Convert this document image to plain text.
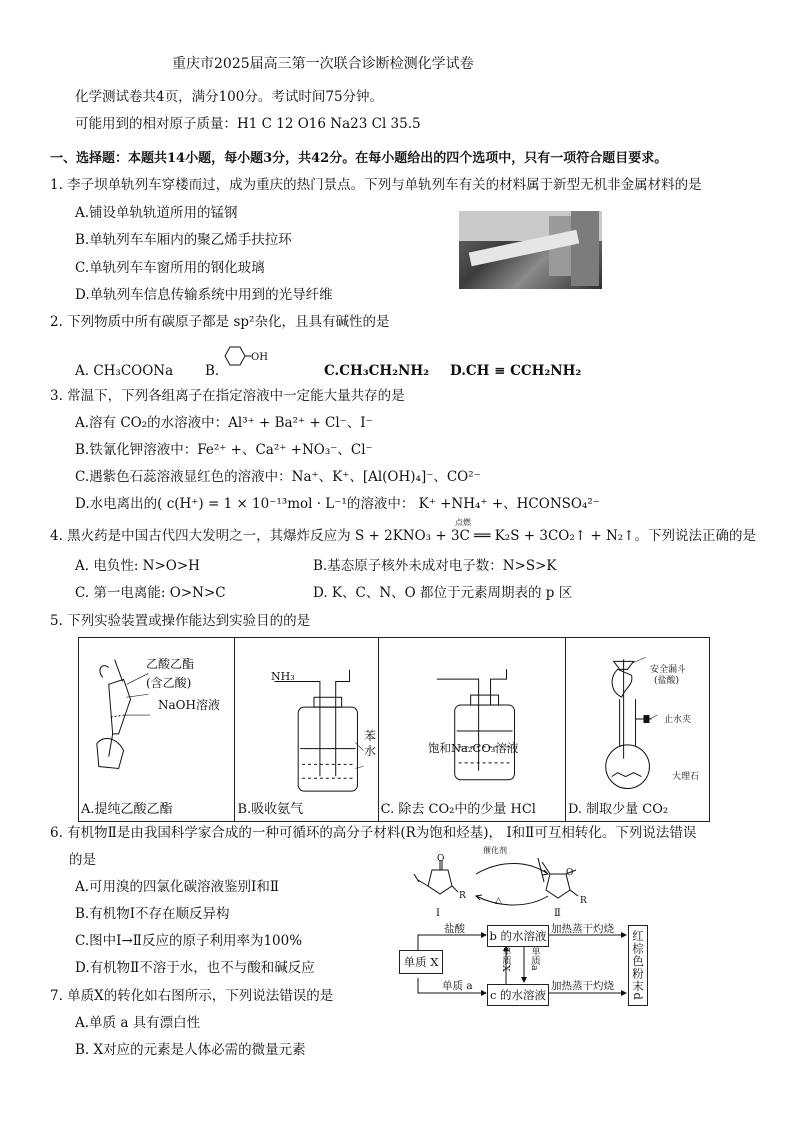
重庆市2025届高三第一次联合诊断检测化学试卷
化学测试卷共4页，满分100分。考试时间75分钟。
可能用到的相对原子质量：H1 C 12 O16 Na23 Cl 35.5
一、选择题：本题共14小题，每小题3分，共42分。在每小题给出的四个选项中，只有一项符合题目要求。
1. 李子坝单轨列车穿楼而过，成为重庆的热门景点。下列与单轨列车有关的材料属于新型无机非金属材料的是
A.铺设单轨轨道所用的锰钢
B.单轨列车车厢内的聚乙烯手扶拉环
C.单轨列车车窗所用的钢化玻璃
D.单轨列车信息传输系统中用到的光导纤维
2. 下列物质中所有碳原子都是 sp²杂化，且具有碱性的是
A. CH₃COONa B.
OH
C.CH₃CH₂NH₂ D.CH ≡ CCH₂NH₂
3. 常温下，下列各组离子在指定溶液中一定能大量共存的是
A.溶有 CO₂的水溶液中：Al³⁺ + Ba²⁺ + Cl⁻、I⁻
B.铁氰化钾溶液中：Fe²⁺ +、Ca²⁺ +NO₃⁻、Cl⁻
C.遇紫色石蕊溶液显红色的溶液中：Na⁺、K⁺、[Al(OH)₄]⁻、CO²⁻
D.水电离出的( c(H⁺) = 1 × 10⁻¹³mol · L⁻¹的溶液中： K⁺ +NH₄⁺ +、HCONSO₄²⁻
4. 黑火药是中国古代四大发明之一，其爆炸反应为 S + 2KNO₃ + 3C ══ K₂S + 3CO₂↑ + N₂↑。下列说法正确的是
点燃
A. 电负性: N>O>H	B.基态原子核外未成对电子数：N>S>K
C. 第一电离能: O>N>C	D. K、C、N、O 都位于元素周期表的 p 区
5. 下列实验装置或操作能达到实验目的的是
A.提纯乙酸乙酯	B.吸收氨气	C. 除去 CO₂中的少量 HCl	D. 制取少量 CO₂
乙酸乙酯
(含乙酸)
NaOH溶液
NH₃
苯
水	饱和Na₂CO₃溶液
安全漏斗
(盐酸)
止水夹
大理石
6. 有机物Ⅱ是由我国科学家合成的一种可循环的高分子材料(R为饱和烃基)， Ⅰ和Ⅱ可互相转化。下列说法错误
的是
A.可用溴的四氯化碳溶液鉴别Ⅰ和Ⅱ
B.有机物Ⅰ不存在顺反异构
C.图中Ⅰ→Ⅱ反应的原子利用率为100%
D.有机物Ⅱ不溶于水，也不与酸和碱反应
催化剂
△
O
R
O
R
Ⅰ	Ⅱ
单质 X
b 的水溶液
c 的水溶液	红棕色粉末d
盐酸
单质 a
加热蒸干灼烧
加热蒸干灼烧
单质X 单质a
7. 单质X的转化如右图所示，下列说法错误的是
A.单质 a 具有漂白性
B. X对应的元素是人体必需的微量元素
